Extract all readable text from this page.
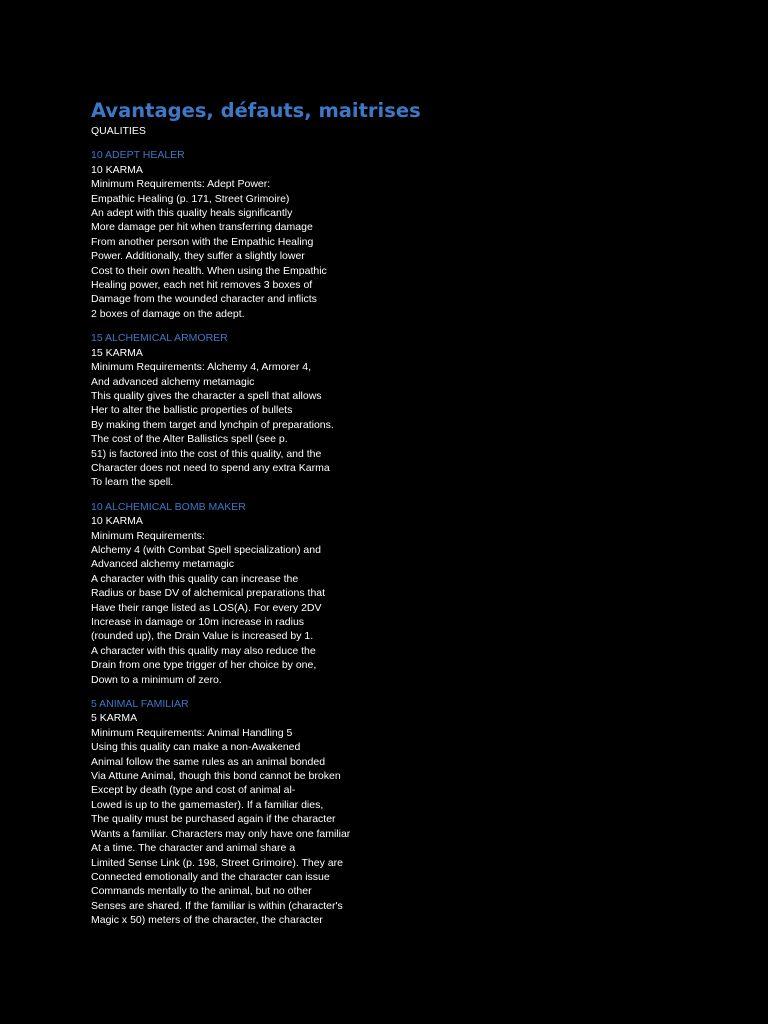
Avantages, défauts, maitrises
QUALITIES
10 ADEPT HEALER
10 KARMA
Minimum Requirements: Adept Power:
Empathic Healing (p. 171, Street Grimoire)
An adept with this quality heals significantly
More damage per hit when transferring damage
From another person with the Empathic Healing
Power. Additionally, they suffer a slightly lower
Cost to their own health. When using the Empathic
Healing power, each net hit removes 3 boxes of
Damage from the wounded character and inflicts
2 boxes of damage on the adept.
15 ALCHEMICAL ARMORER
15 KARMA
Minimum Requirements: Alchemy 4, Armorer 4,
And advanced alchemy metamagic
This quality gives the character a spell that allows
Her to alter the ballistic properties of bullets
By making them target and lynchpin of preparations.
The cost of the Alter Ballistics spell (see p.
51) is factored into the cost of this quality, and the
Character does not need to spend any extra Karma
To learn the spell.
10 ALCHEMICAL BOMB MAKER
10 KARMA
Minimum Requirements:
Alchemy 4 (with Combat Spell specialization) and
Advanced alchemy metamagic
A character with this quality can increase the
Radius or base DV of alchemical preparations that
Have their range listed as LOS(A). For every 2DV
Increase in damage or 10m increase in radius
(rounded up), the Drain Value is increased by 1.
A character with this quality may also reduce the
Drain from one type trigger of her choice by one,
Down to a minimum of zero.
5 ANIMAL FAMILIAR
5 KARMA
Minimum Requirements: Animal Handling 5
Using this quality can make a non-Awakened
Animal follow the same rules as an animal bonded
Via Attune Animal, though this bond cannot be broken
Except by death (type and cost of animal al-
Lowed is up to the gamemaster). If a familiar dies,
The quality must be purchased again if the character
Wants a familiar. Characters may only have one familiar
At a time. The character and animal share a
Limited Sense Link (p. 198, Street Grimoire). They are
Connected emotionally and the character can issue
Commands mentally to the animal, but no other
Senses are shared. If the familiar is within (character's
Magic x 50) meters of the character, the character
